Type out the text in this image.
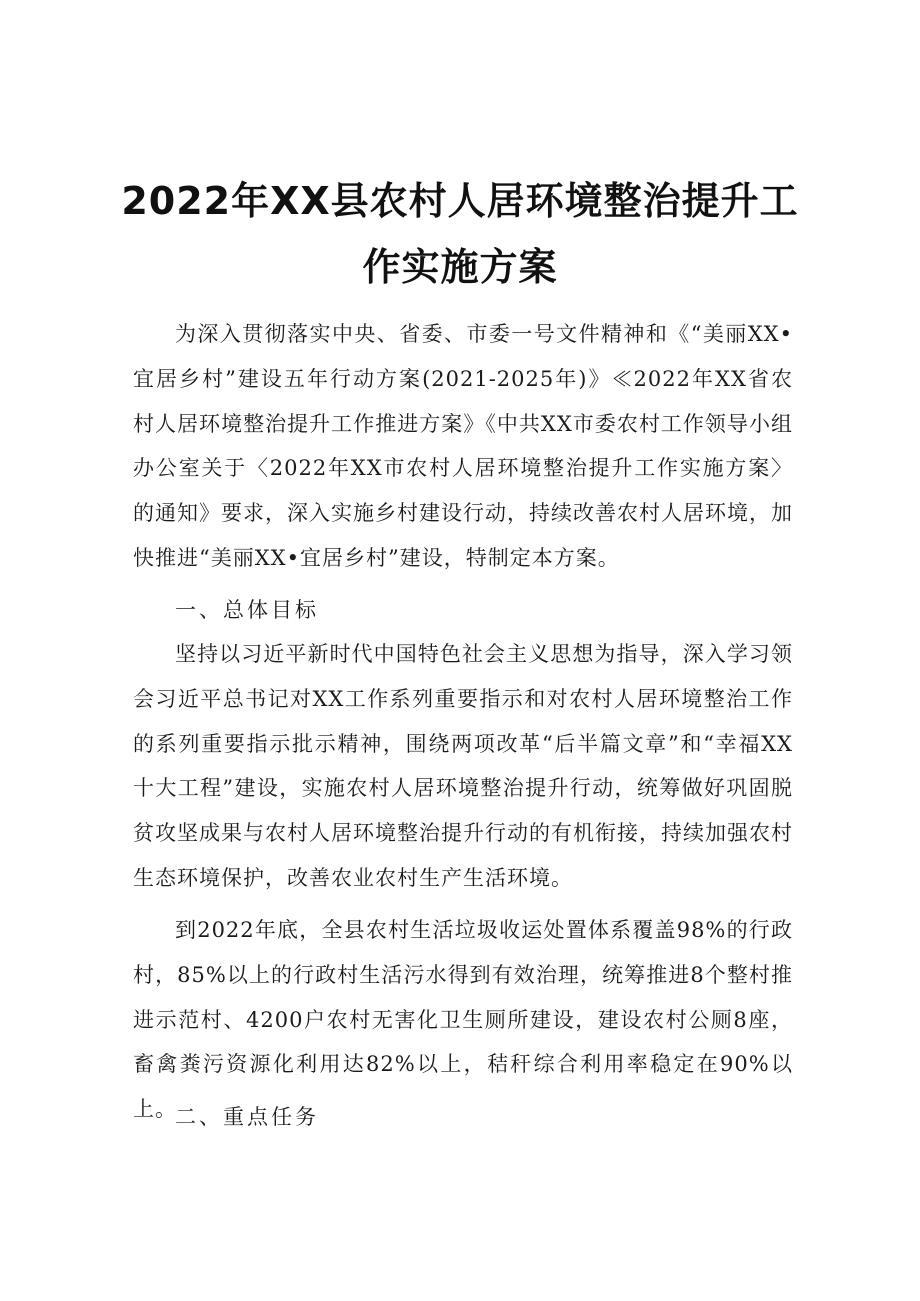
2022年XX县农村人居环境整治提升工
作实施方案

为深入贯彻落实中央、省委、市委一号文件精神和《“美丽XX•宜居乡村”建设五年行动方案(2021-2025年)》≪2022年XX省农村人居环境整治提升工作推进方案》《中共XX市委农村工作领导小组办公室关于〈2022年XX市农村人居环境整治提升工作实施方案〉的通知》要求，深入实施乡村建设行动，持续改善农村人居环境，加快推进“美丽XX•宜居乡村”建设，特制定本方案。

一、总体目标

坚持以习近平新时代中国特色社会主义思想为指导，深入学习领会习近平总书记对XX工作系列重要指示和对农村人居环境整治工作的系列重要指示批示精神，围绕两项改革“后半篇文章”和“幸福XX十大工程”建设，实施农村人居环境整治提升行动，统筹做好巩固脱贫攻坚成果与农村人居环境整治提升行动的有机衔接，持续加强农村生态环境保护，改善农业农村生产生活环境。

到2022年底，全县农村生活垃圾收运处置体系覆盖98%的行政村，85%以上的行政村生活污水得到有效治理，统筹推进8个整村推进示范村、4200户农村无害化卫生厕所建设，建设农村公厕8座，畜禽粪污资源化利用达82%以上，秸秆综合利用率稳定在90%以上。

二、重点任务
